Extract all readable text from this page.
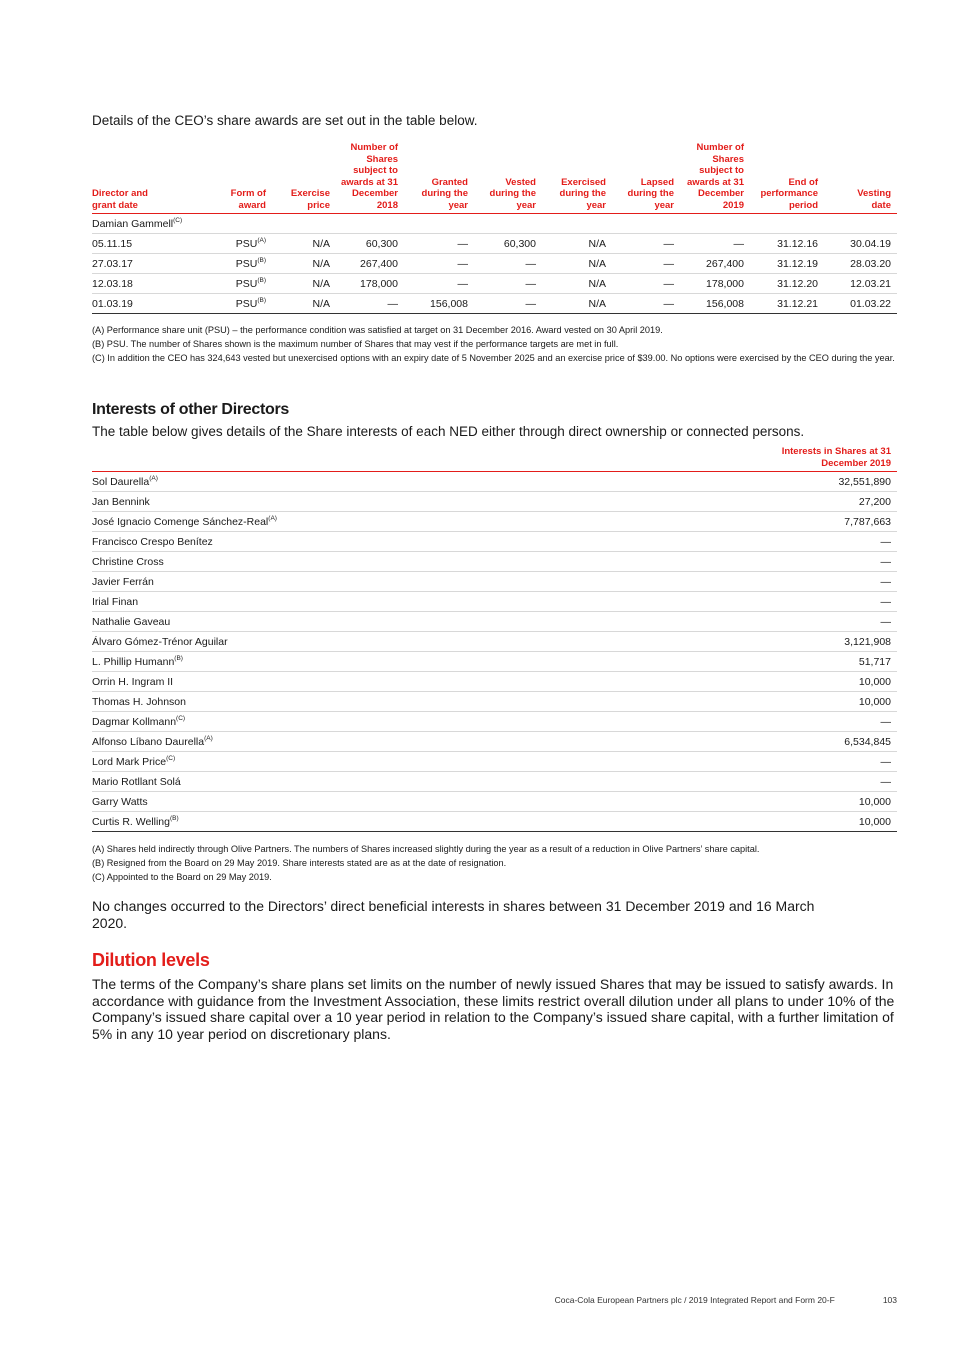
Details of the CEO’s share awards are set out in the table below.

Director and grant date	Form of award	Exercise price	Number of Shares subject to awards at 31 December 2018	Granted during the year	Vested during the year	Exercised during the year	Lapsed during the year	Number of Shares subject to awards at 31 December 2019	End of performance period	Vesting date
Damian Gammell$^{(C)}$
05.11.15	$PSU^{(A)}$	N/A	60,300	—	60,300	N/A	—	—	31.12.16	30.04.19
27.03.17	$PSU^{(B)}$	N/A	267,400	—	—	N/A	—	267,400	31.12.19	28.03.20
12.03.18	$PSU^{(B)}$	N/A	178,000	—	—	N/A	—	178,000	31.12.20	12.03.21
01.03.19	$PSU^{(B)}$	N/A	—	156,008	—	N/A	—	156,008	31.12.21	01.03.22

(A) Performance share unit (PSU) – the performance condition was satisfied at target on 31 December 2016. Award vested on 30 April 2019.

(B) PSU. The number of Shares shown is the maximum number of Shares that may vest if the performance targets are met in full.

(C) In addition the CEO has 324,643 vested but unexercised options with an expiry date of 5 November 2025 and an exercise price of $39.00. No options were exercised by the CEO during the year.

Interests of other Directors

The table below gives details of the Share interests of each NED either through direct ownership or connected persons.

	Interests in Shares at 31 December 2019

Sol Daurella$^{(A)}$	32,551,890
Jan Bennink	27,200
José Ignacio Comenge Sánchez-Real$^{(A)}$	7,787,663
Francisco Crespo Benítez	—
Christine Cross	—
Javier Ferrán	—
Irial Finan	—
Nathalie Gaveau	—
Álvaro Gómez-Trénor Aguilar	3,121,908
L. Phillip Humann$^{(B)}$	51,717
Orrin H. Ingram II	10,000
Thomas H. Johnson	10,000
Dagmar Kollmann$^{(C)}$	—
Alfonso Líbano Daurella$^{(A)}$	6,534,845
Lord Mark Price$^{(C)}$	—
Mario Rotllant Solá	—
Garry Watts	10,000
Curtis R. Welling$^{(B)}$	10,000

(A) Shares held indirectly through Olive Partners. The numbers of Shares increased slightly during the year as a result of a reduction in Olive Partners’ share capital.

(B) Resigned from the Board on 29 May 2019. Share interests stated are as at the date of resignation.

(C) Appointed to the Board on 29 May 2019.

No changes occurred to the Directors’ direct beneficial interests in shares between 31 December 2019 and 16 March 2020.

Dilution levels

The terms of the Company’s share plans set limits on the number of newly issued Shares that may be issued to satisfy awards. In accordance with guidance from the Investment Association, these limits restrict overall dilution under all plans to under 10% of the Company’s issued share capital over a 10 year period in relation to the Company’s issued share capital, with a further limitation of 5% in any 10 year period on discretionary plans.

Coca-Cola European Partners plc / 2019 Integrated Report and Form 20-F	103
